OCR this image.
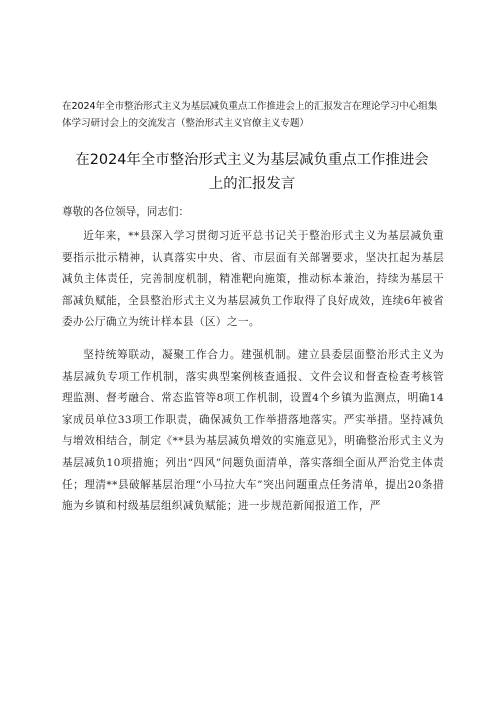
在2024年全市整治形式主义为基层减负重点工作推进会上的汇报发言在理论学习中心组集体学习研讨会上的交流发言（整治形式主义官僚主义专题）
在2024年全市整治形式主义为基层减负重点工作推进会
上的汇报发言

尊敬的各位领导，同志们：

近年来，**县深入学习贯彻习近平总书记关于整治形式主义为基层减负重要指示批示精神，认真落实中央、省、市层面有关部署要求，坚决扛起为基层减负主体责任，完善制度机制，精准靶向施策，推动标本兼治，持续为基层干部减负赋能，全县整治形式主义为基层减负工作取得了良好成效，连续6年被省委办公厅确立为统计样本县（区）之一。

坚持统筹联动，凝聚工作合力。建强机制。建立县委层面整治形式主义为基层减负专项工作机制，落实典型案例核查通报、文件会议和督查检查考核管理监测、督考融合、常态监管等8项工作机制，设置4个乡镇为监测点，明确14家成员单位33项工作职责，确保减负工作举措落地落实。严实举措。坚持减负与增效相结合，制定《**县为基层减负增效的实施意见》，明确整治形式主义为基层减负10项措施；列出“四风”问题负面清单，落实落细全面从严治党主体责任；理清**县破解基层治理“小马拉大车”突出问题重点任务清单，提出20条措施为乡镇和村级基层组织减负赋能；进一步规范新闻报道工作，严
